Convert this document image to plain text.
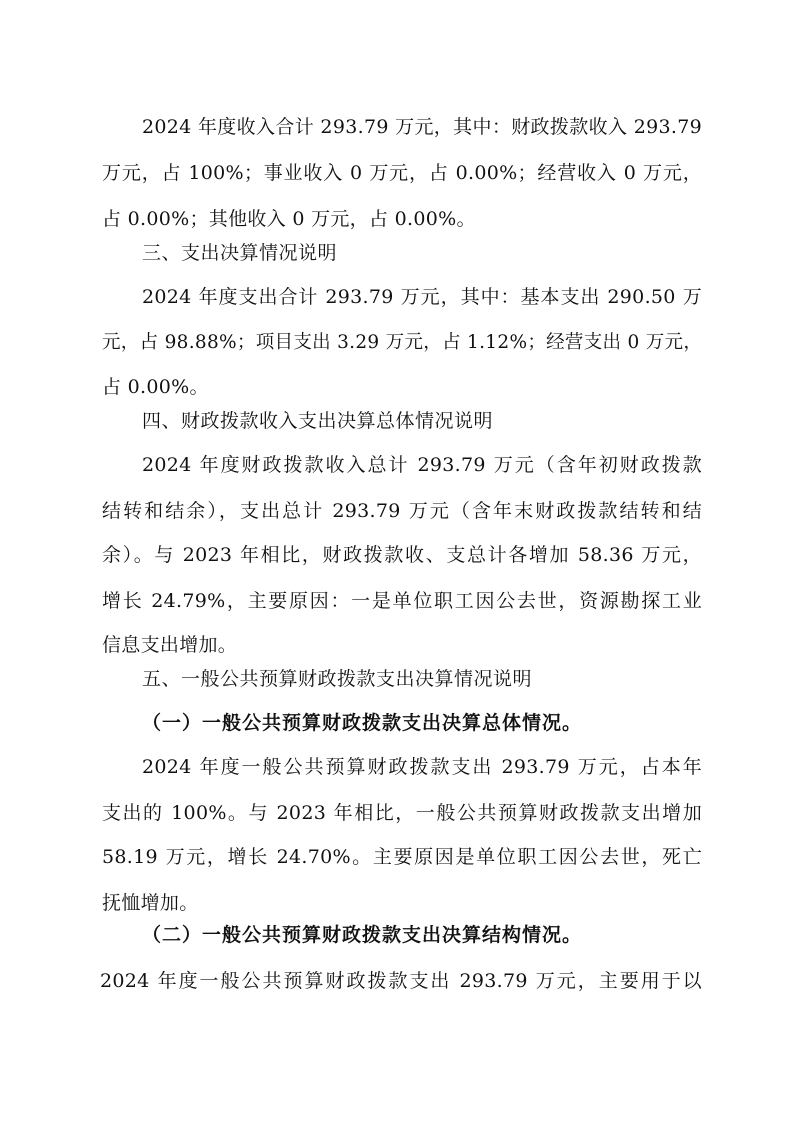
2024 年度收入合计 293.79 万元，其中：财政拨款收入 293.79
万元，占 100%；事业收入 0 万元，占 0.00%；经营收入 0 万元，
占 0.00%；其他收入 0 万元，占 0.00%。
三、支出决算情况说明
2024 年度支出合计 293.79 万元，其中：基本支出 290.50 万
元，占 98.88%；项目支出 3.29 万元，占 1.12%；经营支出 0 万元，
占 0.00%。
四、财政拨款收入支出决算总体情况说明
2024 年度财政拨款收入总计 293.79 万元（含年初财政拨款
结转和结余），支出总计 293.79 万元（含年末财政拨款结转和结
余）。与 2023 年相比，财政拨款收、支总计各增加 58.36 万元，
增长 24.79%，主要原因：一是单位职工因公去世，资源勘探工业
信息支出增加。
五、一般公共预算财政拨款支出决算情况说明
（一）一般公共预算财政拨款支出决算总体情况。
2024 年度一般公共预算财政拨款支出 293.79 万元，占本年
支出的 100%。与 2023 年相比，一般公共预算财政拨款支出增加
58.19 万元，增长 24.70%。主要原因是单位职工因公去世，死亡
抚恤增加。
（二）一般公共预算财政拨款支出决算结构情况。
2024 年度一般公共预算财政拨款支出 293.79 万元，主要用于以
